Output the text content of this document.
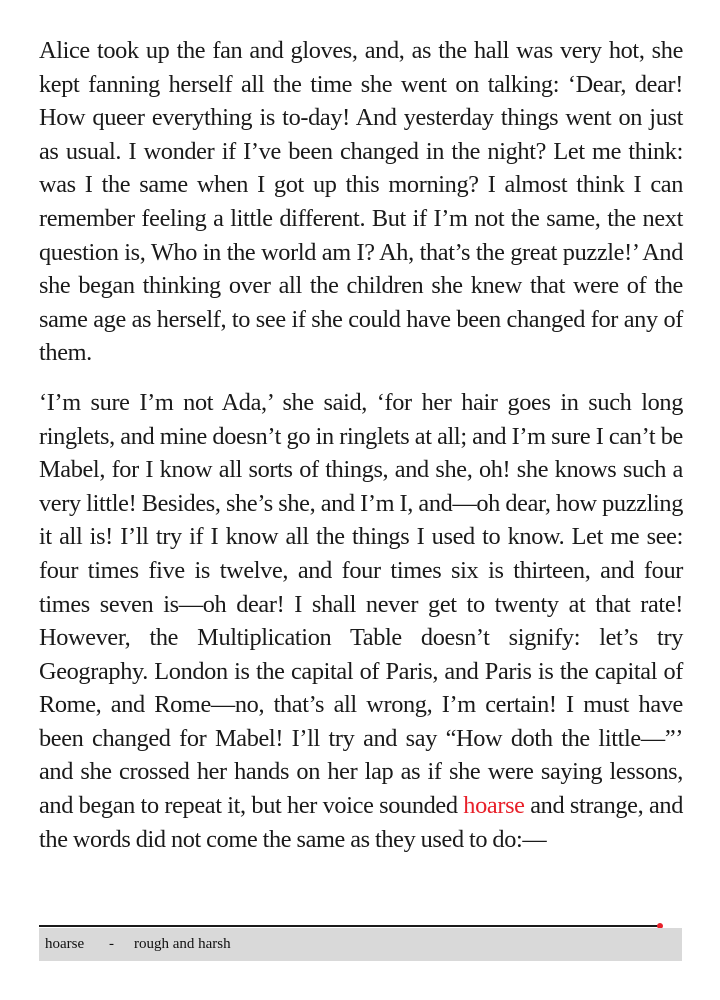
Alice took up the fan and gloves, and, as the hall was very hot, she kept fanning herself all the time she went on talking: ‘Dear, dear! How queer everything is to-day! And yesterday things went on just as usual. I wonder if I’ve been changed in the night? Let me think: was I the same when I got up this morning? I almost think I can remember feeling a little different. But if I’m not the same, the next question is, Who in the world am I? Ah, that’s the great puzzle!’ And she began thinking over all the children she knew that were of the same age as herself, to see if she could have been changed for any of them.

‘I’m sure I’m not Ada,’ she said, ‘for her hair goes in such long ringlets, and mine doesn’t go in ringlets at all; and I’m sure I can’t be Mabel, for I know all sorts of things, and she, oh! she knows such a very little! Besides, she’s she, and I’m I, and—oh dear, how puzzling it all is! I’ll try if I know all the things I used to know. Let me see: four times five is twelve, and four times six is thirteen, and four times seven is—oh dear! I shall never get to twenty at that rate! However, the Multiplication Table doesn’t signify: let’s try Geography. London is the capital of Paris, and Paris is the capital of Rome, and Rome—no, that’s all wrong, I’m certain! I must have been changed for Mabel! I’ll try and say “How doth the little—”’ and she crossed her hands on her lap as if she were saying lessons, and began to repeat it, but her voice sounded hoarse and strange, and the words did not come the same as they used to do:—

hoarse - rough and harsh
